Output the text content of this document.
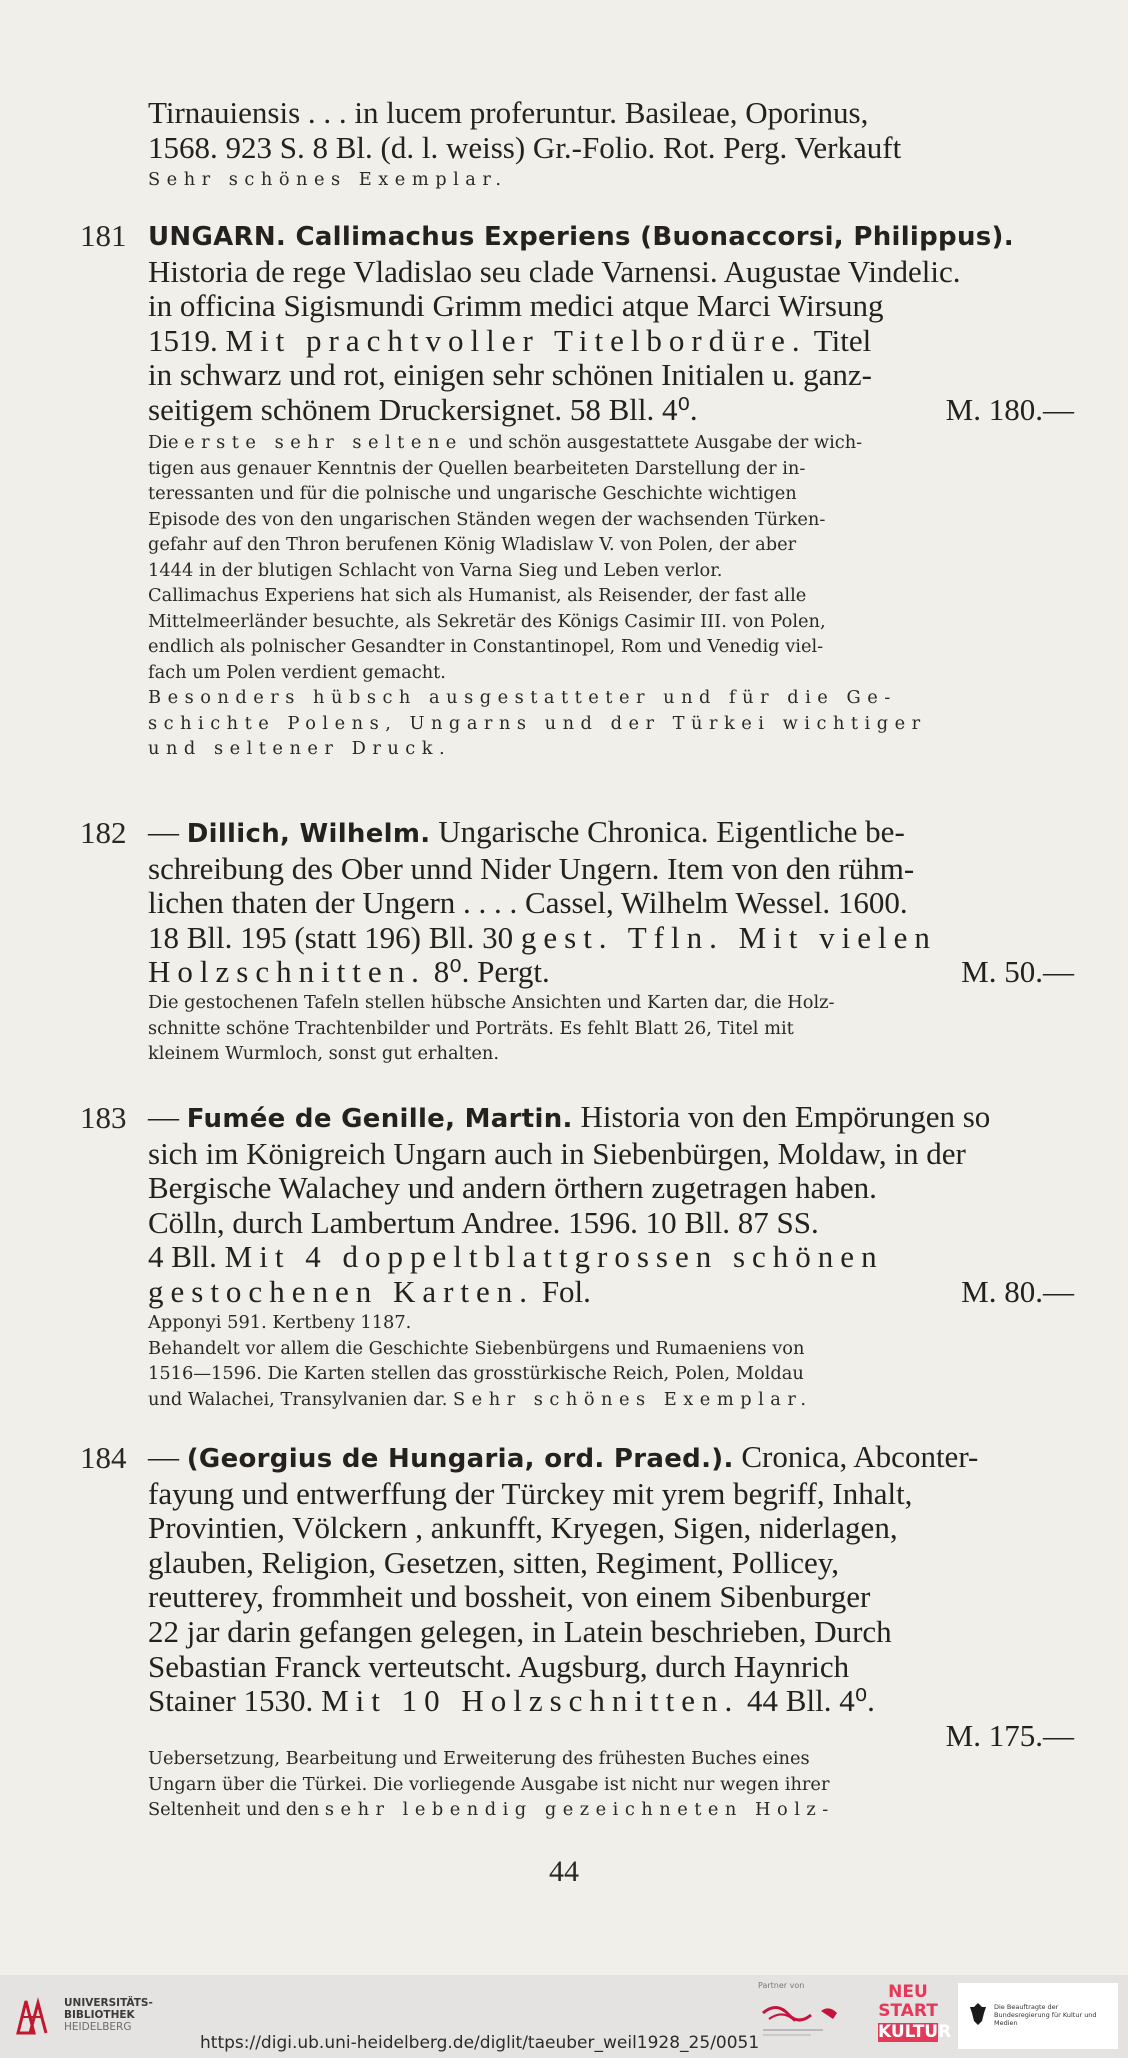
Tirnauiensis . . . in lucem proferuntur. Basileae, Oporinus,
1568. 923 S. 8 Bl. (d. l. weiss) Gr.-Folio. Rot. Perg. Verkauft
Sehr schönes Exemplar.
181 UNGARN. Callimachus Experiens (Buonaccorsi, Philippus).
Historia de rege Vladislao seu clade Varnensi. Augustae Vindelic.
in officina Sigismundi Grimm medici atque Marci Wirsung
1519. Mit prachtvoller Titelbordüre. Titel
in schwarz und rot, einigen sehr schönen Initialen u. ganz-
seitigem schönem Druckersignet. 58 Bll. 4⁰.	M. 180.—
Die erste sehr seltene und schön ausgestattete Ausgabe der wich-
tigen aus genauer Kenntnis der Quellen bearbeiteten Darstellung der in-
teressanten und für die polnische und ungarische Geschichte wichtigen
Episode des von den ungarischen Ständen wegen der wachsenden Türken-
gefahr auf den Thron berufenen König Wladislaw V. von Polen, der aber
1444 in der blutigen Schlacht von Varna Sieg und Leben verlor.
Callimachus Experiens hat sich als Humanist, als Reisender, der fast alle
Mittelmeerländer besuchte, als Sekretär des Königs Casimir III. von Polen,
endlich als polnischer Gesandter in Constantinopel, Rom und Venedig viel-
fach um Polen verdient gemacht.
Besonders hübsch ausgestatteter und für die Ge-
schichte Polens, Ungarns und der Türkei wichtiger
und seltener Druck.
182 — Dillich, Wilhelm. Ungarische Chronica. Eigentliche be-
schreibung des Ober unnd Nider Ungern. Item von den rühm-
lichen thaten der Ungern . . . . Cassel, Wilhelm Wessel. 1600.
18 Bll. 195 (statt 196) Bll. 30 gest. Tfln. Mit vielen
Holzschnitten. 8⁰. Pergt.	M. 50.—
Die gestochenen Tafeln stellen hübsche Ansichten und Karten dar, die Holz-
schnitte schöne Trachtenbilder und Porträts. Es fehlt Blatt 26, Titel mit
kleinem Wurmloch, sonst gut erhalten.
183 — Fumée de Genille, Martin. Historia von den Empörungen so
sich im Königreich Ungarn auch in Siebenbürgen, Moldaw, in der
Bergische Walachey und andern örthern zugetragen haben.
Cölln, durch Lambertum Andree. 1596. 10 Bll. 87 SS.
4 Bll. Mit 4 doppeltblattgrossen schönen
gestochenen Karten. Fol.	M. 80.—
Apponyi 591. Kertbeny 1187.
Behandelt vor allem die Geschichte Siebenbürgens und Rumaeniens von
1516—1596. Die Karten stellen das grosstürkische Reich, Polen, Moldau
und Walachei, Transylvanien dar. Sehr schönes Exemplar.
184 — (Georgius de Hungaria, ord. Praed.). Cronica, Abconter-
fayung und entwerffung der Türckey mit yrem begriff, Inhalt,
Provintien, Völckern , ankunfft, Kryegen, Sigen, niderlagen,
glauben, Religion, Gesetzen, sitten, Regiment, Pollicey,
reutterey, frommheit und bossheit, von einem Sibenburger
22 jar darin gefangen gelegen, in Latein beschrieben, Durch
Sebastian Franck verteutscht. Augsburg, durch Haynrich
Stainer 1530. Mit 10 Holzschnitten. 44 Bll. 4⁰.
M. 175.—
Uebersetzung, Bearbeitung und Erweiterung des frühesten Buches eines
Ungarn über die Türkei. Die vorliegende Ausgabe ist nicht nur wegen ihrer
Seltenheit und den sehr lebendig gezeichneten Holz-
44
UNIVERSITÄTS-
BIBLIOTHEK
HEIDELBERG
https://digi.ub.uni-heidelberg.de/diglit/taeuber_weil1928_25/0051
Partner von	NEU
START
KULTUR
Die Beauftragte der Bundesregierung für Kultur und Medien
